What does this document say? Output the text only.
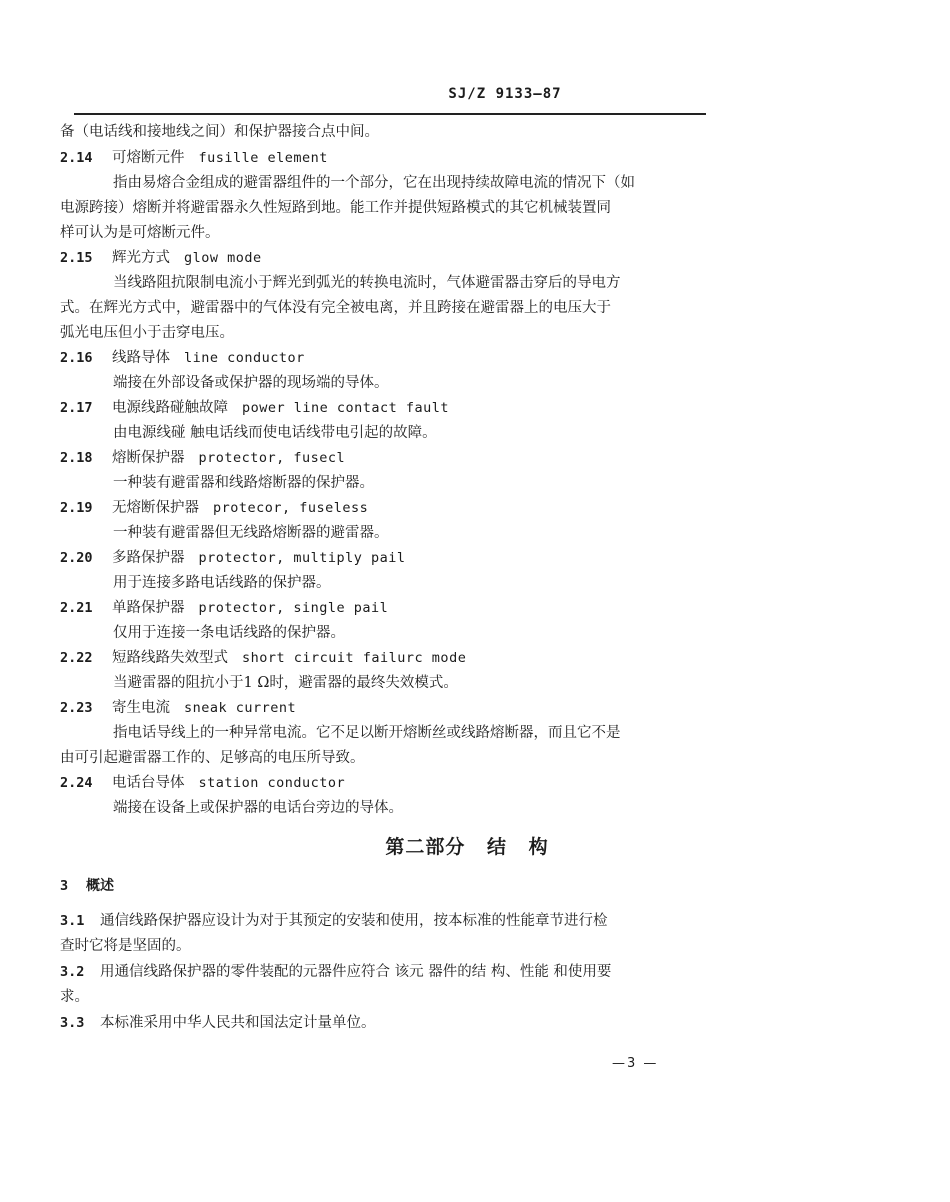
SJ/Z 9133—87
备（电话线和接地线之间）和保护器接合点中间。
2.14 可熔断元件 fusille element
指由易熔合金组成的避雷器组件的一个部分，它在出现持续故障电流的情况下（如
电源跨接）熔断并将避雷器永久性短路到地。能工作并提供短路模式的其它机械装置同
样可认为是可熔断元件。
2.15 辉光方式 glow mode
当线路阻抗限制电流小于辉光到弧光的转换电流时，气体避雷器击穿后的导电方
式。在辉光方式中，避雷器中的气体没有完全被电离，并且跨接在避雷器上的电压大于
弧光电压但小于击穿电压。
2.16 线路导体 line conductor
端接在外部设备或保护器的现场端的导体。
2.17 电源线路碰触故障 power line contact fault
由电源线碰 触电话线而使电话线带电引起的故障。
2.18 熔断保护器 protector, fusecl
一种装有避雷器和线路熔断器的保护器。
2.19 无熔断保护器 protecor, fuseless
一种装有避雷器但无线路熔断器的避雷器。
2.20 多路保护器 protector, multiply pail
用于连接多路电话线路的保护器。
2.21 单路保护器 protector, single pail
仅用于连接一条电话线路的保护器。
2.22 短路线路失效型式 short circuit failurc mode
当避雷器的阻抗小于1 Ω时，避雷器的最终失效模式。
2.23 寄生电流 sneak current
指电话导线上的一种异常电流。它不足以断开熔断丝或线路熔断器，而且它不是
由可引起避雷器工作的、足够高的电压所导致。
2.24 电话台导体 station conductor
端接在设备上或保护器的电话台旁边的导体。
第二部分 结 构
3 概述
3.1 通信线路保护器应设计为对于其预定的安装和使用，按本标准的性能章节进行检
查时它将是坚固的。
3.2 用通信线路保护器的零件装配的元器件应符合 该元 器件的结 构、性能 和使用要
求。
3.3 本标准采用中华人民共和国法定计量单位。
—3 —
